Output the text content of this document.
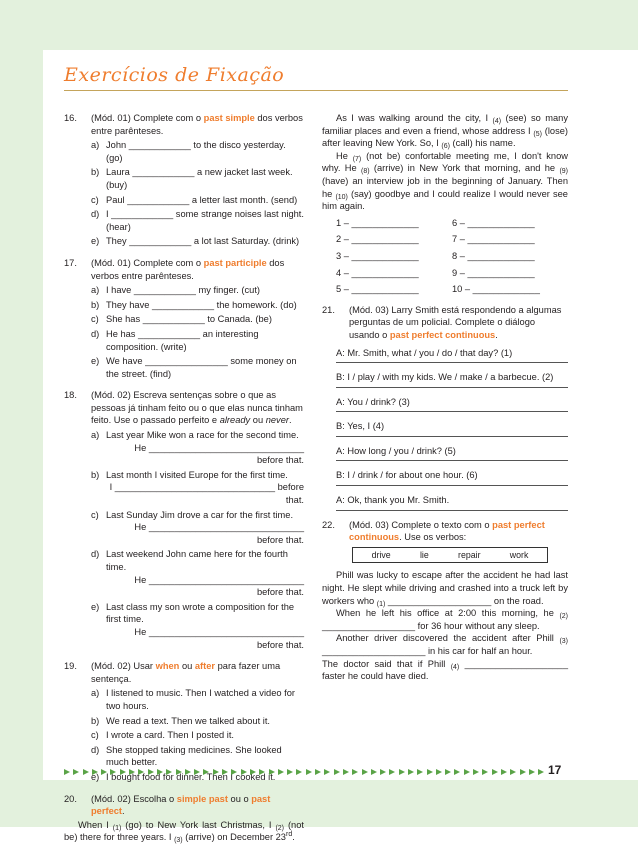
Exercícios de Fixação
16. (Mód. 01) Complete com o past simple dos verbos entre parênteses.
a) John ____________ to the disco yesterday. (go)
b) Laura ____________ a new jacket last week. (buy)
c) Paul ____________ a letter last month. (send)
d) I ____________ some strange noises last night. (hear)
e) They ____________ a lot last Saturday. (drink)
17. (Mód. 01) Complete com o past participle dos verbos entre parênteses.
a) I have ____________ my finger. (cut)
b) They have ____________ the homework. (do)
c) She has ____________ to Canada. (be)
d) He has ____________ an interesting composition. (write)
e) We have ________________ some money on the street. (find)
18. (Mód. 02) Escreva sentenças sobre o que as pessoas já tinham feito ou o que elas nunca tinham feito. Use o passado perfeito e already ou never.
a) Last year Mike won a race for the second time.
He ______________________________ before that.
b) Last month I visited Europe for the first time.
I _______________________________ before that.
c) Last Sunday Jim drove a car for the first time.
He ______________________________ before that.
d) Last weekend John came here for the fourth time.
He ______________________________ before that.
e) Last class my son wrote a composition for the first time.
He ______________________________ before that.
19. (Mód. 02) Usar when ou after para fazer uma sentença.
a) I listened to music. Then I watched a video for two hours.
b) We read a text. Then we talked about it.
c) I wrote a card. Then I posted it.
d) She stopped taking medicines. She looked much better.
e) I bought food for dinner. Then I cooked it.
20. (Mód. 02) Escolha o simple past ou o past perfect.
When I $_{(1)}$ (go) to New York last Christmas, I $_{(2)}$ (not be) there for three years. I $_{(3)}$ (arrive) on December 23rd.
As I was walking around the city, I $_{(4)}$ (see) so many familiar places and even a friend, whose address I $_{(5)}$ (lose) after leaving New York. So, I $_{(6)}$ (call) his name.
He $_{(7)}$ (not be) confortable meeting me, I don't know why. He $_{(8)}$ (arrive) in New York that morning, and he $_{(9)}$ (have) an interview job in the beginning of January. Then he $_{(10)}$ (say) goodbye and I could realize I would never see him again.
1 – _____________	6 – _____________
2 – _____________	7 – _____________
3 – _____________	8 – _____________
4 – _____________	9 – _____________
5 – _____________	10 – _____________
21. (Mód. 03) Larry Smith está respondendo a algumas perguntas de um policial. Complete o diálogo usando o past perfect continuous.
A: Mr. Smith, what / you / do / that day? (1)
B: I / play / with my kids. We / make / a barbecue. (2)
A: You / drink? (3)
B: Yes, I (4)
A: How long / you / drink? (5)
B: I / drink / for about one hour. (6)
A: Ok, thank you Mr. Smith.
22. (Mód. 03) Complete o texto com o past perfect continuous. Use os verbos:
drive	lie	repair	work
Phill was lucky to escape after the accident he had last night. He slept while driving and crashed into a truck left by workers who $_{(1)}$ ____________________ on the road.
When he left his office at 2:00 this morning, he $_{(2)}$ __________________ for 36 hour without any sleep.
Another driver discovered the accident after Phill $_{(3)}$ ____________________ in his car for half an hour.
The doctor said that if Phill $_{(4)}$ ____________________ faster he could have died.
17
